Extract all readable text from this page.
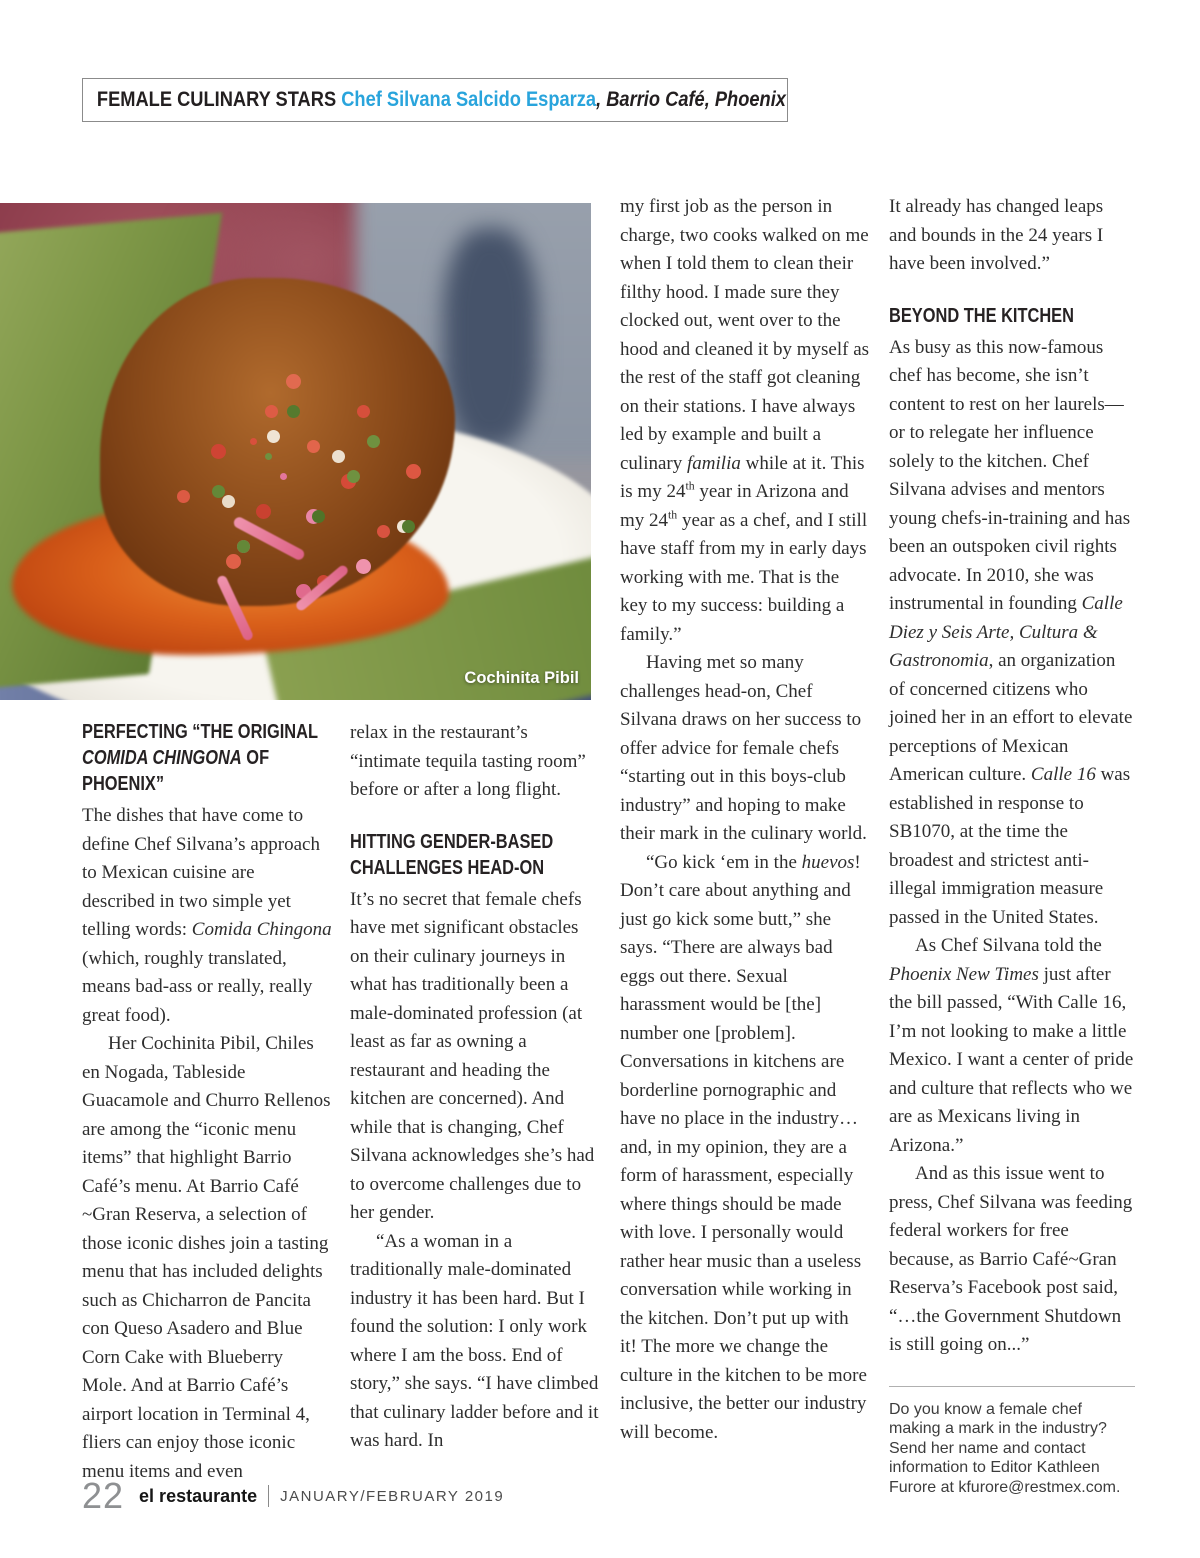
FEMALE CULINARY STARS Chef Silvana Salcido Esparza, Barrio Café, Phoenix
Cochinita Pibil
PERFECTING “THE ORIGINAL
COMIDA CHINGONA OF PHOENIX”

The dishes that have come to define Chef Silvana’s approach to Mexican cuisine are described in two simple yet telling words: Comida Chingona (which, roughly translated, means bad-ass or really, really great food).

Her Cochinita Pibil, Chiles en Nogada, Tableside Guacamole and Churro Rellenos are among the “iconic menu items” that highlight Barrio Café’s menu. At Barrio Café ~Gran Reserva, a selection of those iconic dishes join a tasting menu that has included delights such as Chicharron de Pancita con Queso Asadero and Blue Corn Cake with Blueberry Mole. And at Barrio Café’s airport location in Terminal 4, fliers can enjoy those iconic menu items and even

relax in the restaurant’s “intimate tequila tasting room” before or after a long flight.

HITTING GENDER-BASED
CHALLENGES HEAD-ON

It’s no secret that female chefs have met significant obstacles on their culinary journeys in what has traditionally been a male-dominated profession (at least as far as owning a restaurant and heading the kitchen are concerned). And while that is changing, Chef Silvana acknowledges she’s had to overcome challenges due to her gender.

“As a woman in a traditionally male-dominated industry it has been hard. But I found the solution: I only work where I am the boss. End of story,” she says. “I have climbed that culinary ladder before and it was hard. In

my first job as the person in charge, two cooks walked on me when I told them to clean their filthy hood. I made sure they clocked out, went over to the hood and cleaned it by myself as the rest of the staff got cleaning on their stations. I have always led by example and built a culinary familia while at it. This is my 24th year in Arizona and my 24th year as a chef, and I still have staff from my in early days working with me. That is the key to my success: building a family.”

Having met so many challenges head-on, Chef Silvana draws on her success to offer advice for female chefs “starting out in this boys-club industry” and hoping to make their mark in the culinary world.

“Go kick ‘em in the huevos! Don’t care about anything and just go kick some butt,” she says. “There are always bad eggs out there. Sexual harassment would be [the] number one [problem]. Conversations in kitchens are borderline pornographic and have no place in the industry…and, in my opinion, they are a form of harassment, especially where things should be made with love. I personally would rather hear music than a useless conversation while working in the kitchen. Don’t put up with it! The more we change the culture in the kitchen to be more inclusive, the better our industry will become.

It already has changed leaps and bounds in the 24 years I have been involved.”

BEYOND THE KITCHEN

As busy as this now-famous chef has become, she isn’t content to rest on her laurels—or to relegate her influence solely to the kitchen. Chef Silvana advises and mentors young chefs-in-training and has been an outspoken civil rights advocate. In 2010, she was instrumental in founding Calle Diez y Seis Arte, Cultura & Gastronomia, an organization of concerned citizens who joined her in an effort to elevate perceptions of Mexican American culture. Calle 16 was established in response to SB1070, at the time the broadest and strictest anti-illegal immigration measure passed in the United States.

As Chef Silvana told the Phoenix New Times just after the bill passed, “With Calle 16, I’m not looking to make a little Mexico. I want a center of pride and culture that reflects who we are as Mexicans living in Arizona.”

And as this issue went to press, Chef Silvana was feeding federal workers for free because, as Barrio Café~Gran Reserva’s Facebook post said, “…the Government Shutdown is still going on...”

Do you know a female chef making a mark in the industry? Send her name and contact information to Editor Kathleen Furore at kfurore@restmex.com.
22 el restaurante JANUARY/FEBRUARY 2019
